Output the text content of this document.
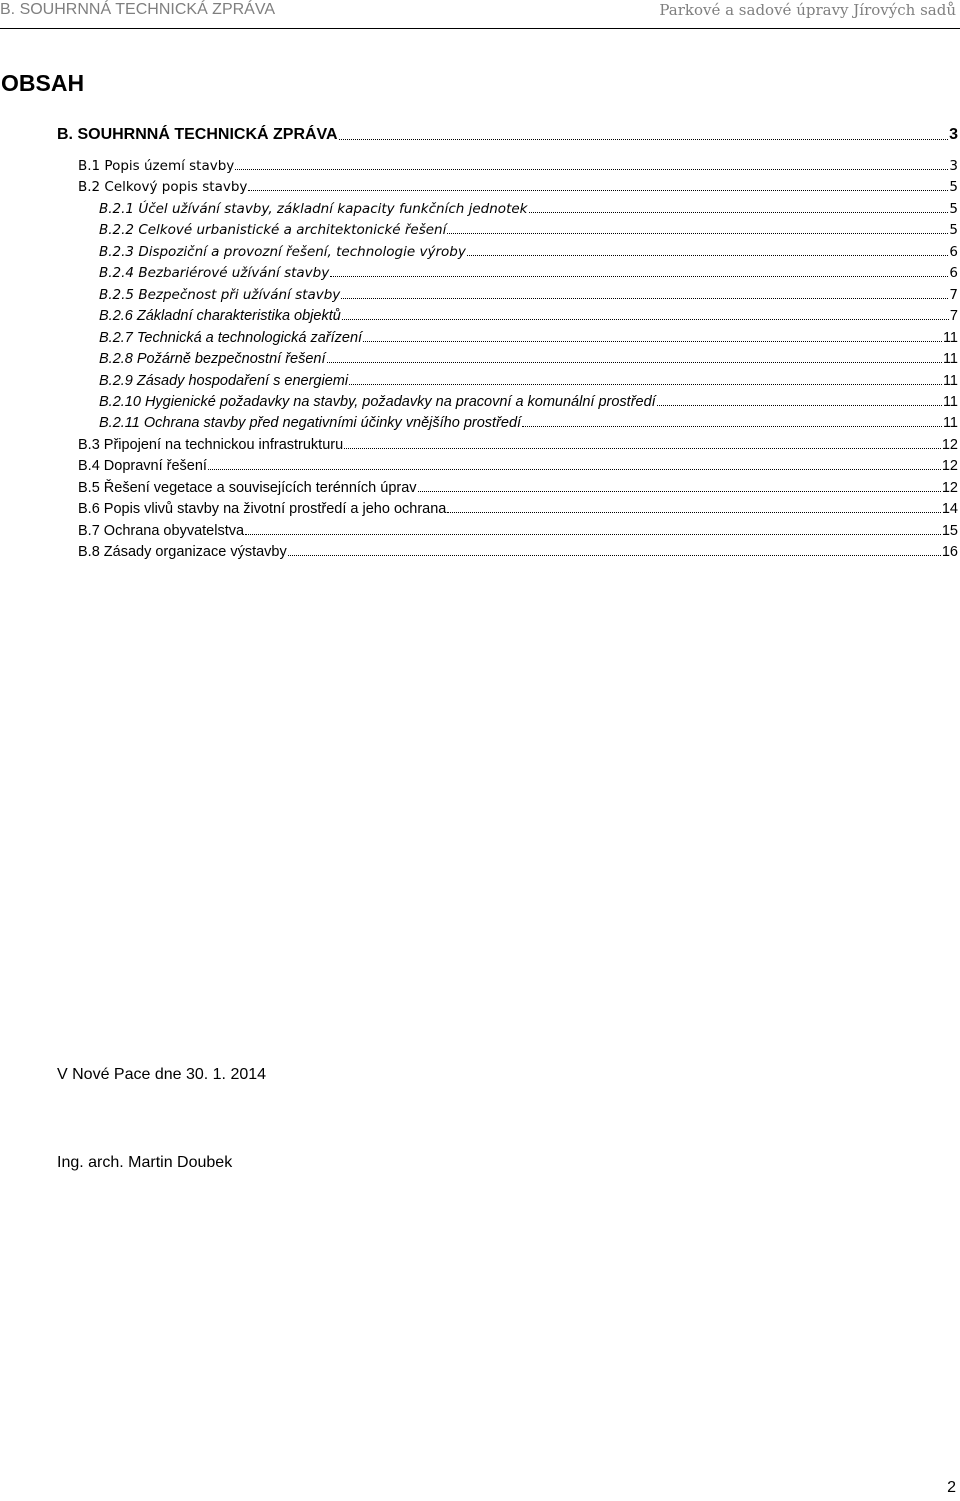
B. SOUHRNNÁ TECHNICKÁ ZPRÁVA	Parkové a sadové úpravy Jírových sadů
OBSAH
B. SOUHRNNÁ TECHNICKÁ ZPRÁVA	3
B.1 Popis území stavby	3
B.2 Celkový popis stavby	5
B.2.1 Účel užívání stavby, základní kapacity funkčních jednotek	5
B.2.2 Celkové urbanistické a architektonické řešení	5
B.2.3 Dispoziční a provozní řešení, technologie výroby	6
B.2.4 Bezbariérové užívání stavby	6
B.2.5 Bezpečnost při užívání stavby	7
B.2.6 Základní charakteristika objektů	7
B.2.7 Technická a technologická zařízení	11
B.2.8 Požárně bezpečnostní řešení	11
B.2.9 Zásady hospodaření s energiemi	11
B.2.10 Hygienické požadavky na stavby, požadavky na pracovní a komunální prostředí	11
B.2.11 Ochrana stavby před negativními účinky vnějšího prostředí	11
B.3 Připojení na technickou infrastrukturu	12
B.4 Dopravní řešení	12
B.5 Řešení vegetace a souvisejících terénních úprav	12
B.6 Popis vlivů stavby na životní prostředí a jeho ochrana	14
B.7 Ochrana obyvatelstva	15
B.8 Zásady organizace výstavby	16
V Nové Pace dne 30. 1. 2014
Ing. arch. Martin Doubek
2
